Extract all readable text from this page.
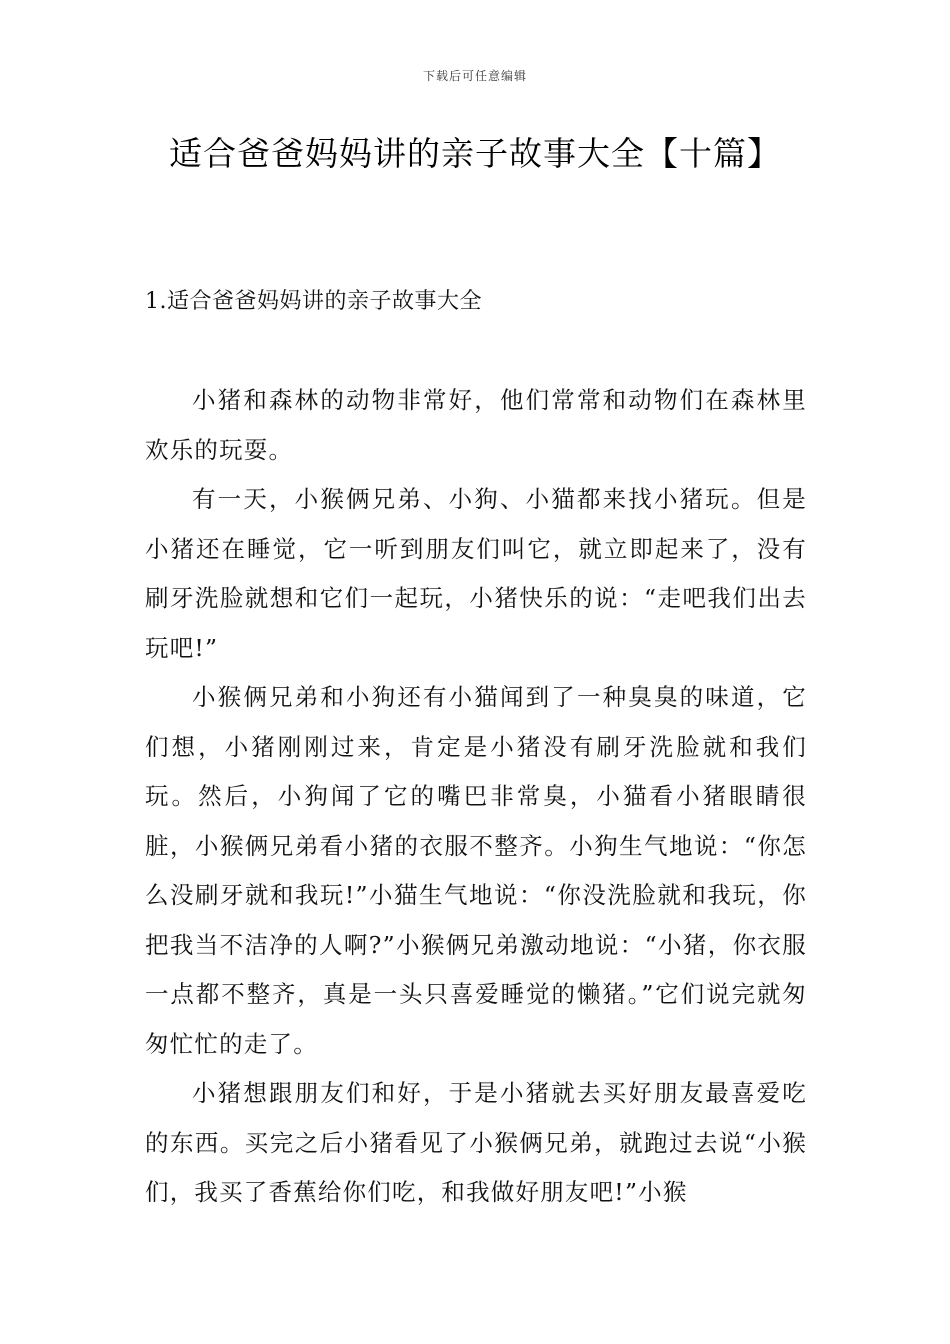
下载后可任意编辑
适合爸爸妈妈讲的亲子故事大全【十篇】
1.适合爸爸妈妈讲的亲子故事大全

小猪和森林的动物非常好，他们常常和动物们在森林里欢乐的玩耍。

有一天，小猴俩兄弟、小狗、小猫都来找小猪玩。但是小猪还在睡觉，它一听到朋友们叫它，就立即起来了，没有刷牙洗脸就想和它们一起玩，小猪快乐的说：“走吧我们出去玩吧!”

小猴俩兄弟和小狗还有小猫闻到了一种臭臭的味道，它们想，小猪刚刚过来，肯定是小猪没有刷牙洗脸就和我们玩。然后，小狗闻了它的嘴巴非常臭，小猫看小猪眼睛很脏，小猴俩兄弟看小猪的衣服不整齐。小狗生气地说：“你怎么没刷牙就和我玩!”小猫生气地说：“你没洗脸就和我玩，你把我当不洁净的人啊?”小猴俩兄弟激动地说：“小猪，你衣服一点都不整齐，真是一头只喜爱睡觉的懒猪。”它们说完就匆匆忙忙的走了。

小猪想跟朋友们和好，于是小猪就去买好朋友最喜爱吃的东西。买完之后小猪看见了小猴俩兄弟，就跑过去说“小猴们，我买了香蕉给你们吃，和我做好朋友吧!”小猴
